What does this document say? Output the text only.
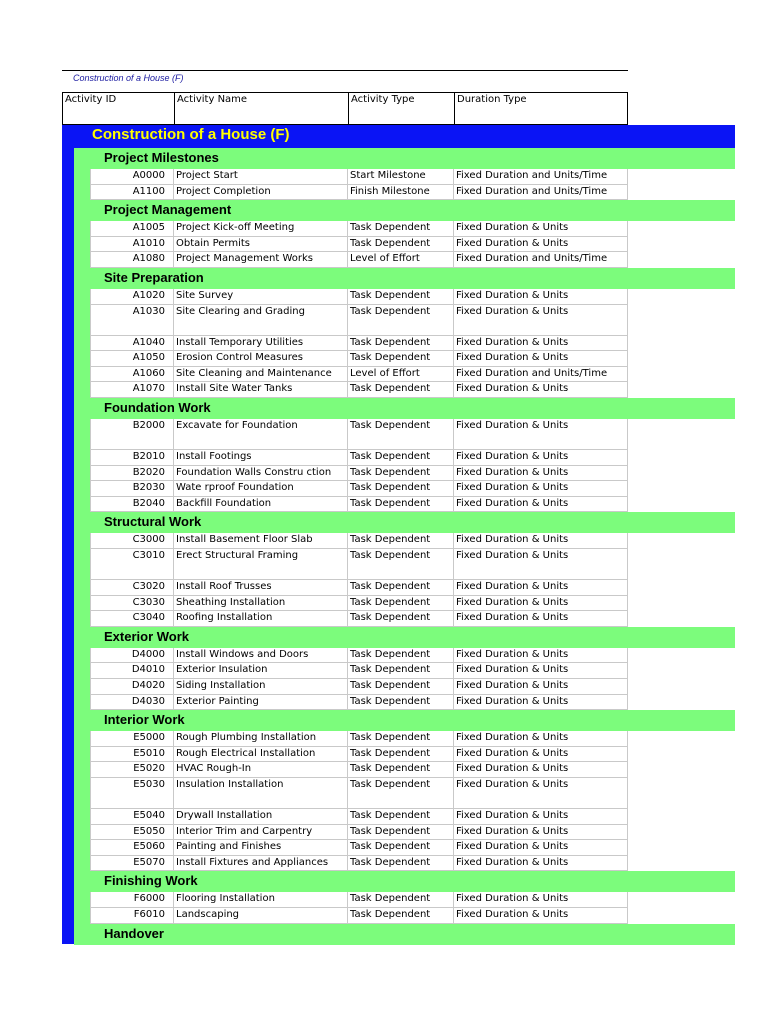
Construction of a House (F)
Activity ID	Activity Name	Activity Type	Duration Type
Construction of a House (F)
Project Milestones
A0000	Project Start	Start Milestone	Fixed Duration and Units/Time
A1100	Project Completion	Finish Milestone	Fixed Duration and Units/Time
Project Management
A1005	Project Kick-off Meeting	Task Dependent	Fixed Duration & Units
A1010	Obtain Permits	Task Dependent	Fixed Duration & Units
A1080	Project Management Works	Level of Effort	Fixed Duration and Units/Time
Site Preparation
A1020	Site Survey	Task Dependent	Fixed Duration & Units
A1030	Site Clearing and Grading	Task Dependent	Fixed Duration & Units
A1040	Install Temporary Utilities	Task Dependent	Fixed Duration & Units
A1050	Erosion Control Measures	Task Dependent	Fixed Duration & Units
A1060	Site Cleaning and Maintenance	Level of Effort	Fixed Duration and Units/Time
A1070	Install Site Water Tanks	Task Dependent	Fixed Duration & Units
Foundation Work
B2000	Excavate for Foundation	Task Dependent	Fixed Duration & Units
B2010	Install Footings	Task Dependent	Fixed Duration & Units
B2020	Foundation Walls Constru ction	Task Dependent	Fixed Duration & Units
B2030	Wate rproof Foundation	Task Dependent	Fixed Duration & Units
B2040	Backfill Foundation	Task Dependent	Fixed Duration & Units
Structural Work
C3000	Install Basement Floor Slab	Task Dependent	Fixed Duration & Units
C3010	Erect Structural Framing	Task Dependent	Fixed Duration & Units
C3020	Install Roof Trusses	Task Dependent	Fixed Duration & Units
C3030	Sheathing Installation	Task Dependent	Fixed Duration & Units
C3040	Roofing Installation	Task Dependent	Fixed Duration & Units
Exterior Work
D4000	Install Windows and Doors	Task Dependent	Fixed Duration & Units
D4010	Exterior Insulation	Task Dependent	Fixed Duration & Units
D4020	Siding Installation	Task Dependent	Fixed Duration & Units
D4030	Exterior Painting	Task Dependent	Fixed Duration & Units
Interior Work
E5000	Rough Plumbing Installation	Task Dependent	Fixed Duration & Units
E5010	Rough Electrical Installation	Task Dependent	Fixed Duration & Units
E5020	HVAC Rough-In	Task Dependent	Fixed Duration & Units
E5030	Insulation Installation	Task Dependent	Fixed Duration & Units
E5040	Drywall Installation	Task Dependent	Fixed Duration & Units
E5050	Interior Trim and Carpentry	Task Dependent	Fixed Duration & Units
E5060	Painting and Finishes	Task Dependent	Fixed Duration & Units
E5070	Install Fixtures and Appliances	Task Dependent	Fixed Duration & Units
Finishing Work
F6000	Flooring Installation	Task Dependent	Fixed Duration & Units
F6010	Landscaping	Task Dependent	Fixed Duration & Units
Handover
